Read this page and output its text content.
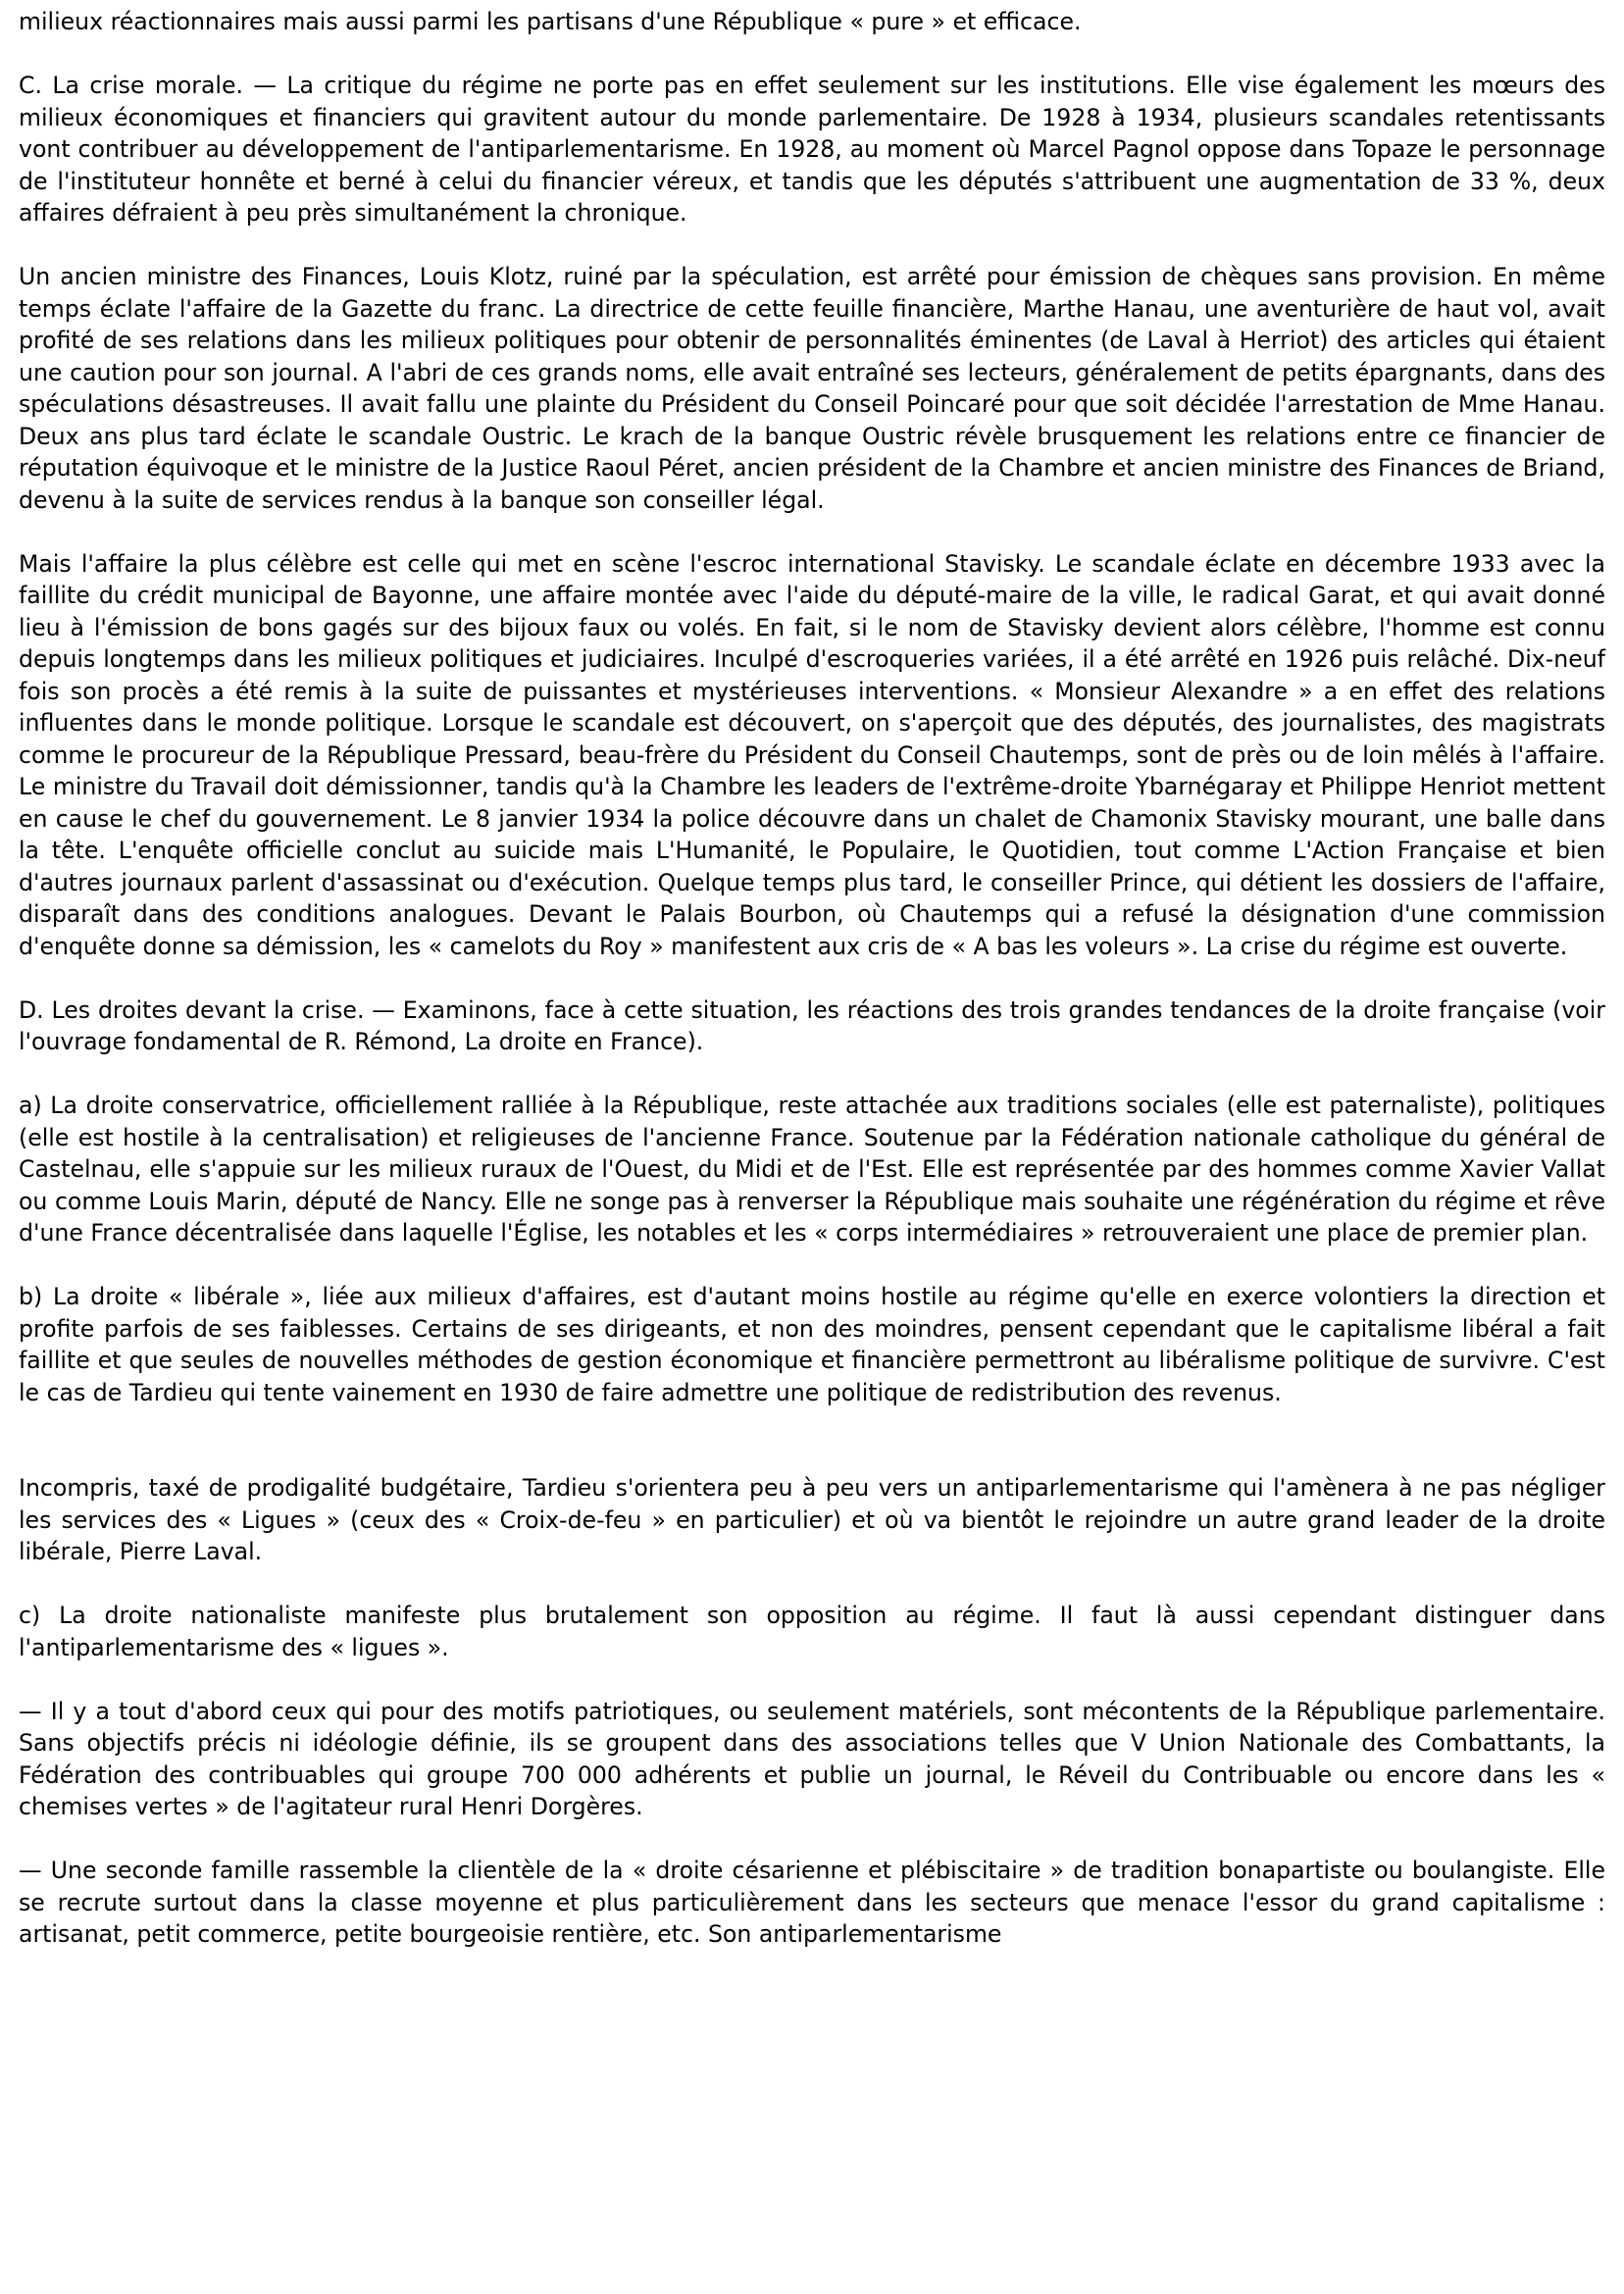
milieux réactionnaires mais aussi parmi les partisans d'une République « pure » et efficace.

C. La crise morale. — La critique du régime ne porte pas en effet seulement sur les institutions. Elle vise également les mœurs des milieux économiques et financiers qui gravitent autour du monde parlementaire. De 1928 à 1934, plusieurs scandales retentissants vont contribuer au développement de l'antiparlementarisme. En 1928, au moment où Marcel Pagnol oppose dans Topaze le personnage de l'instituteur honnête et berné à celui du financier véreux, et tandis que les députés s'attribuent une augmentation de 33 %, deux affaires défraient à peu près simultanément la chronique.

Un ancien ministre des Finances, Louis Klotz, ruiné par la spéculation, est arrêté pour émission de chèques sans provision. En même temps éclate l'affaire de la Gazette du franc. La directrice de cette feuille financière, Marthe Hanau, une aventurière de haut vol, avait profité de ses relations dans les milieux politiques pour obtenir de personnalités éminentes (de Laval à Herriot) des articles qui étaient une caution pour son journal. A l'abri de ces grands noms, elle avait entraîné ses lecteurs, généralement de petits épargnants, dans des spéculations désastreuses. Il avait fallu une plainte du Président du Conseil Poincaré pour que soit décidée l'arrestation de Mme Hanau. Deux ans plus tard éclate le scandale Oustric. Le krach de la banque Oustric révèle brusquement les relations entre ce financier de réputation équivoque et le ministre de la Justice Raoul Péret, ancien président de la Chambre et ancien ministre des Finances de Briand, devenu à la suite de services rendus à la banque son conseiller légal.

Mais l'affaire la plus célèbre est celle qui met en scène l'escroc international Stavisky. Le scandale éclate en décembre 1933 avec la faillite du crédit municipal de Bayonne, une affaire montée avec l'aide du député-maire de la ville, le radical Garat, et qui avait donné lieu à l'émission de bons gagés sur des bijoux faux ou volés. En fait, si le nom de Stavisky devient alors célèbre, l'homme est connu depuis longtemps dans les milieux politiques et judiciaires. Inculpé d'escroqueries variées, il a été arrêté en 1926 puis relâché. Dix-neuf fois son procès a été remis à la suite de puissantes et mystérieuses interventions. « Monsieur Alexandre » a en effet des relations influentes dans le monde politique. Lorsque le scandale est découvert, on s'aperçoit que des députés, des journalistes, des magistrats comme le procureur de la République Pressard, beau-frère du Président du Conseil Chautemps, sont de près ou de loin mêlés à l'affaire. Le ministre du Travail doit démissionner, tandis qu'à la Chambre les leaders de l'extrême-droite Ybarnégaray et Philippe Henriot mettent en cause le chef du gouvernement. Le 8 janvier 1934 la police découvre dans un chalet de Chamonix Stavisky mourant, une balle dans la tête. L'enquête officielle conclut au suicide mais L'Humanité, le Populaire, le Quotidien, tout comme L'Action Française et bien d'autres journaux parlent d'assassinat ou d'exécution. Quelque temps plus tard, le conseiller Prince, qui détient les dossiers de l'affaire, disparaît dans des conditions analogues. Devant le Palais Bourbon, où Chautemps qui a refusé la désignation d'une commission d'enquête donne sa démission, les « camelots du Roy » manifestent aux cris de « A bas les voleurs ». La crise du régime est ouverte.

D. Les droites devant la crise. — Examinons, face à cette situation, les réactions des trois grandes tendances de la droite française (voir l'ouvrage fondamental de R. Rémond, La droite en France).

a) La droite conservatrice, officiellement ralliée à la République, reste attachée aux traditions sociales (elle est paternaliste), politiques (elle est hostile à la centralisation) et religieuses de l'ancienne France. Soutenue par la Fédération nationale catholique du général de Castelnau, elle s'appuie sur les milieux ruraux de l'Ouest, du Midi et de l'Est. Elle est représentée par des hommes comme Xavier Vallat ou comme Louis Marin, député de Nancy. Elle ne songe pas à renverser la République mais souhaite une régénération du régime et rêve d'une France décentralisée dans laquelle l'Église, les notables et les « corps intermédiaires » retrouveraient une place de premier plan.

b) La droite « libérale », liée aux milieux d'affaires, est d'autant moins hostile au régime qu'elle en exerce volontiers la direction et profite parfois de ses faiblesses. Certains de ses dirigeants, et non des moindres, pensent cependant que le capitalisme libéral a fait faillite et que seules de nouvelles méthodes de gestion économique et financière permettront au libéralisme politique de survivre. C'est le cas de Tardieu qui tente vainement en 1930 de faire admettre une politique de redistribution des revenus.

Incompris, taxé de prodigalité budgétaire, Tardieu s'orientera peu à peu vers un antiparlementarisme qui l'amènera à ne pas négliger les services des « Ligues » (ceux des « Croix-de-feu » en particulier) et où va bientôt le rejoindre un autre grand leader de la droite libérale, Pierre Laval.

c) La droite nationaliste manifeste plus brutalement son opposition au régime. Il faut là aussi cependant distinguer dans l'antiparlementarisme des « ligues ».

— Il y a tout d'abord ceux qui pour des motifs patriotiques, ou seulement matériels, sont mécontents de la République parlementaire. Sans objectifs précis ni idéologie définie, ils se groupent dans des associations telles que V Union Nationale des Combattants, la Fédération des contribuables qui groupe 700 000 adhérents et publie un journal, le Réveil du Contribuable ou encore dans les « chemises vertes » de l'agitateur rural Henri Dorgères.

— Une seconde famille rassemble la clientèle de la « droite césarienne et plébiscitaire » de tradition bonapartiste ou boulangiste. Elle se recrute surtout dans la classe moyenne et plus particulièrement dans les secteurs que menace l'essor du grand capitalisme : artisanat, petit commerce, petite bourgeoisie rentière, etc. Son antiparlementarisme
